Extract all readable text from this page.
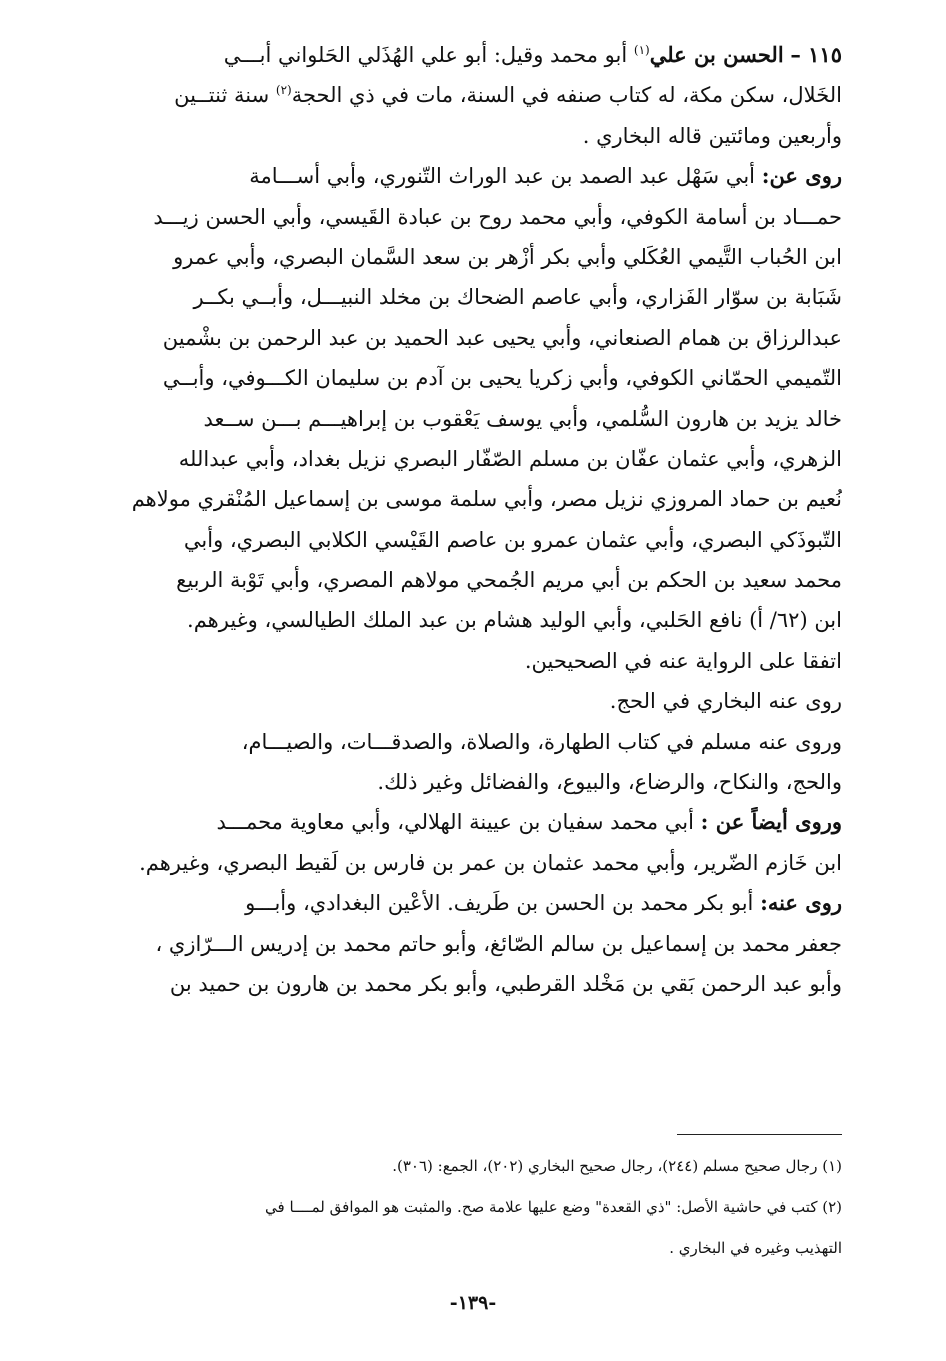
١١٥ – الحسن بن علي$^{(١)}$ أبو محمد وقيل: أبو علي الهُذَلي الحَلواني أبـــي
الخَلال، سكن مكة، له كتاب صنفه في السنة، مات في ذي الحجة$^{(٢)}$ سنة ثنتــين
وأربعين ومائتين قاله البخاري .
روى عن: أبي سَهْل عبد الصمد بن عبد الوراث التّنوري، وأبي أســـامة
حمـــاد بن أسامة الكوفي، وأبي محمد روح بن عبادة القَيسي، وأبي الحسن زيـــد
ابن الحُباب التَّيمي العُكَلي وأبي بكر أزْهر بن سعد السَّمان البصري، وأبي عمرو
شَبَابة بن سوّار الفَزاري، وأبي عاصم الضحاك بن مخلد النبيـــل، وأبــي بكــر
عبدالرزاق بن همام الصنعاني، وأبي يحيى عبد الحميد بن عبد الرحمن بن بشْمين
التّميمي الحمّاني الكوفي، وأبي زكريا يحيى بن آدم بن سليمان الكـــوفي، وأبــي
خالد يزيد بن هارون السُّلمي، وأبي يوسف يَعْقوب بن إبراهيـــم بـــن ســعد
الزهري، وأبي عثمان عفّان بن مسلم الصّفّار البصري نزيل بغداد، وأبي عبدالله
نُعيم بن حماد المروزي نزيل مصر، وأبي سلمة موسى بن إسماعيل المُنْقري مولاهم
التّبوذَكي البصري، وأبي عثمان عمرو بن عاصم القَيْسي الكلابي البصري، وأبي
محمد سعيد بن الحكم بن أبي مريم الجُمحي مولاهم المصري، وأبي تَوْبة الربيع
ابن (٦٢/ أ) نافع الحَلبي، وأبي الوليد هشام بن عبد الملك الطيالسي، وغيرهم.
اتفقا على الرواية عنه في الصحيحين.
روى عنه البخاري في الحج.
وروى عنه مسلم في كتاب الطهارة، والصلاة، والصدقـــات، والصيـــام،
والحج، والنكاح، والرضاع، والبيوع، والفضائل وغير ذلك.
وروى أيضاً عن : أبي محمد سفيان بن عيينة الهلالي، وأبي معاوية محمـــد
ابن خَازم الضّرير، وأبي محمد عثمان بن عمر بن فارس بن لَقيط البصري، وغيرهم.
روى عنه: أبو بكر محمد بن الحسن بن طَريف. الأعْين البغدادي، وأبـــو
جعفر محمد بن إسماعيل بن سالم الصّائغ، وأبو حاتم محمد بن إدريس الـــرّازي ،
وأبو عبد الرحمن بَقي بن مَخْلد القرطبي، وأبو بكر محمد بن هارون بن حميد بن
(١) رجال صحيح مسلم (٢٤٤)، رجال صحيح البخاري (٢٠٢)، الجمع: (٣٠٦).
(٢) كتب في حاشية الأصل: "ذي القعدة" وضع عليها علامة صح. والمثبت هو الموافق لمــــا في
التهذيب وغيره في البخاري .
-١٣٩-
